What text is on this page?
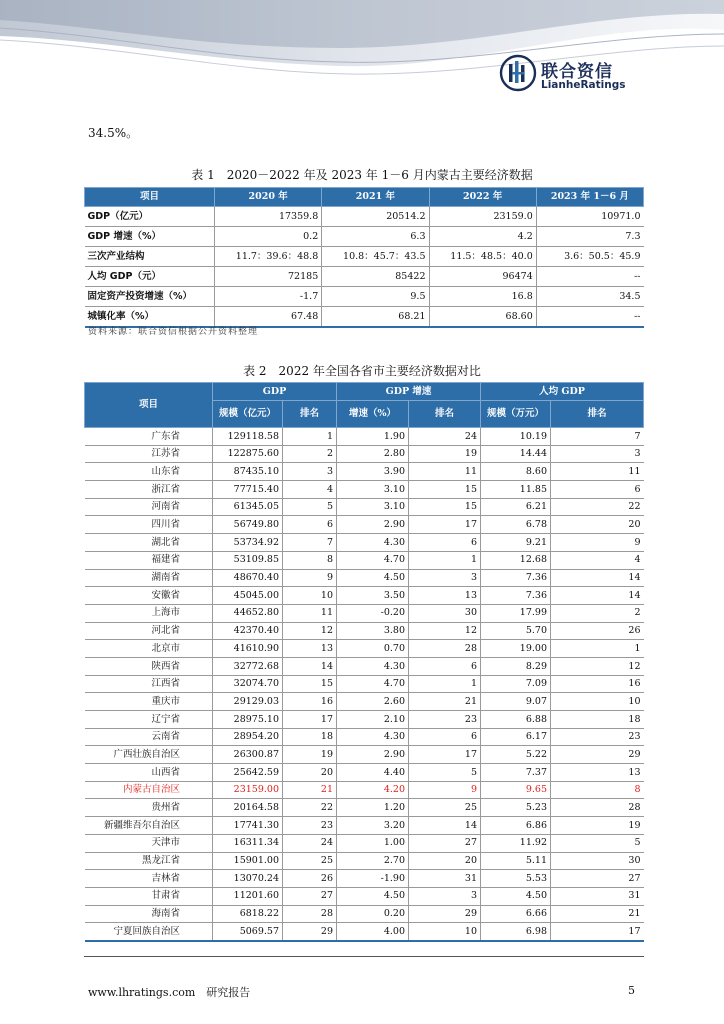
联合资信
LianheRatings
34.5%。
表 1　2020－2022 年及 2023 年 1－6 月内蒙古主要经济数据
项目	2020 年	2021 年	2022 年	2023 年 1－6 月
GDP（亿元）	17359.8	20514.2	23159.0	10971.0
GDP 增速（%）	0.2	6.3	4.2	7.3
三次产业结构	11.7：39.6：48.8	10.8：45.7：43.5	11.5：48.5：40.0	3.6：50.5：45.9
人均 GDP（元）	72185	85422	96474	--
固定资产投资增速（%）	-1.7	9.5	16.8	34.5
城镇化率（%）	67.48	68.21	68.60	--
资料来源：联合资信根据公开资料整理
表 2　2022 年全国各省市主要经济数据对比
项目	GDP		GDP 增速		人均 GDP	
	规模（亿元）	排名	增速（%）	排名	规模（万元）	排名
广东省	129118.58	1	1.90	24	10.19	7
江苏省	122875.60	2	2.80	19	14.44	3
山东省	87435.10	3	3.90	11	8.60	11
浙江省	77715.40	4	3.10	15	11.85	6
河南省	61345.05	5	3.10	15	6.21	22
四川省	56749.80	6	2.90	17	6.78	20
湖北省	53734.92	7	4.30	6	9.21	9
福建省	53109.85	8	4.70	1	12.68	4
湖南省	48670.40	9	4.50	3	7.36	14
安徽省	45045.00	10	3.50	13	7.36	14
上海市	44652.80	11	-0.20	30	17.99	2
河北省	42370.40	12	3.80	12	5.70	26
北京市	41610.90	13	0.70	28	19.00	1
陕西省	32772.68	14	4.30	6	8.29	12
江西省	32074.70	15	4.70	1	7.09	16
重庆市	29129.03	16	2.60	21	9.07	10
辽宁省	28975.10	17	2.10	23	6.88	18
云南省	28954.20	18	4.30	6	6.17	23
广西壮族自治区	26300.87	19	2.90	17	5.22	29
山西省	25642.59	20	4.40	5	7.37	13
内蒙古自治区	23159.00	21	4.20	9	9.65	8
贵州省	20164.58	22	1.20	25	5.23	28
新疆维吾尔自治区	17741.30	23	3.20	14	6.86	19
天津市	16311.34	24	1.00	27	11.92	5
黑龙江省	15901.00	25	2.70	20	5.11	30
吉林省	13070.24	26	-1.90	31	5.53	27
甘肃省	11201.60	27	4.50	3	4.50	31
海南省	6818.22	28	0.20	29	6.66	21
宁夏回族自治区	5069.57	29	4.00	10	6.98	17
www.lhratings.com　研究报告	5
